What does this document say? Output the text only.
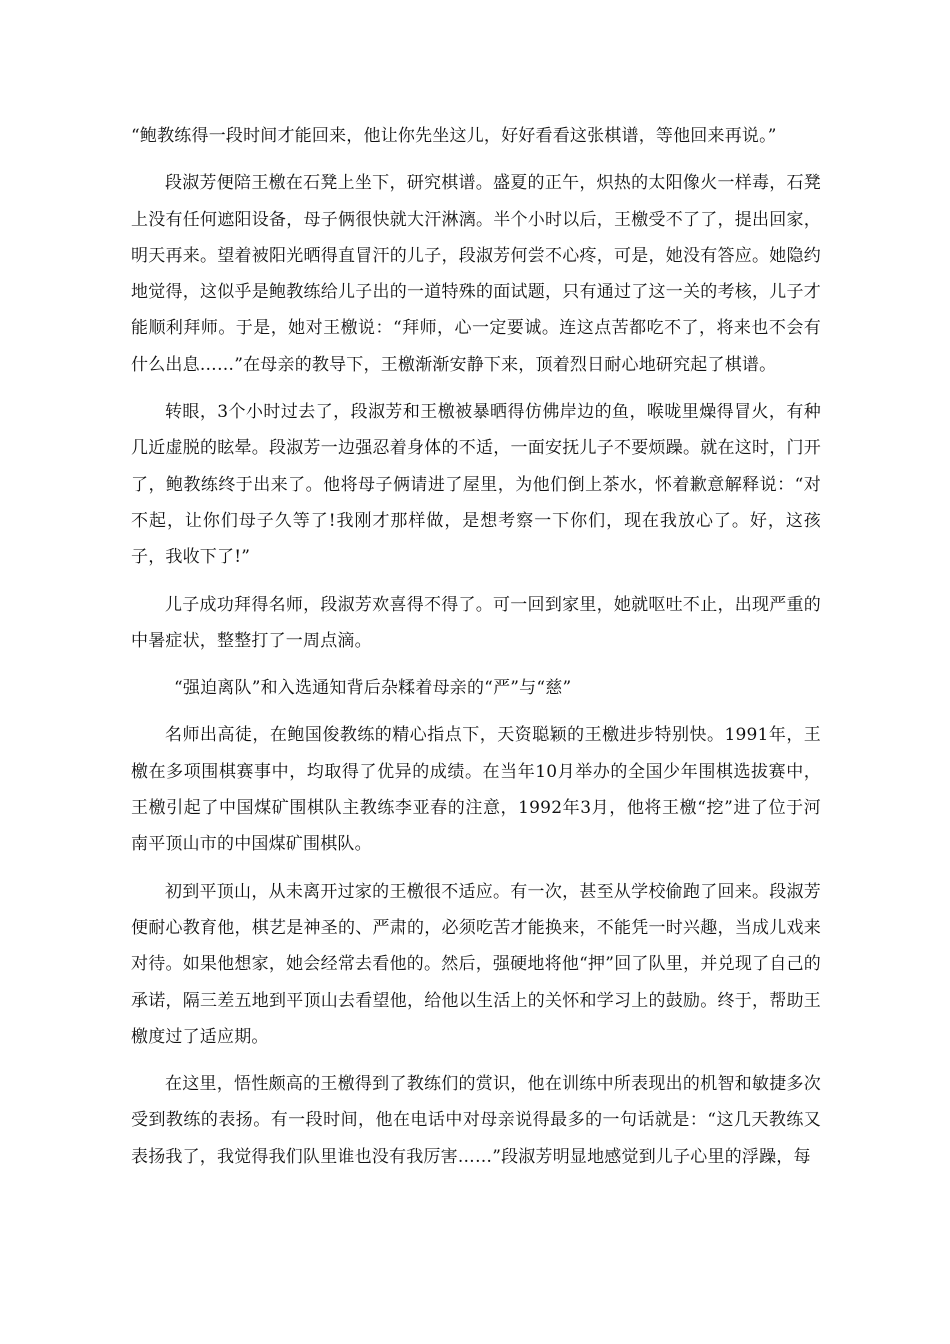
“鲍教练得一段时间才能回来，他让你先坐这儿，好好看看这张棋谱，等他回来再说。”

段淑芳便陪王檄在石凳上坐下，研究棋谱。盛夏的正午，炽热的太阳像火一样毒，石凳上没有任何遮阳设备，母子俩很快就大汗淋漓。半个小时以后，王檄受不了了，提出回家，明天再来。望着被阳光晒得直冒汗的儿子，段淑芳何尝不心疼，可是，她没有答应。她隐约地觉得，这似乎是鲍教练给儿子出的一道特殊的面试题，只有通过了这一关的考核，儿子才能顺利拜师。于是，她对王檄说：“拜师，心一定要诚。连这点苦都吃不了，将来也不会有什么出息……”在母亲的教导下，王檄渐渐安静下来，顶着烈日耐心地研究起了棋谱。

转眼，3个小时过去了，段淑芳和王檄被暴晒得仿佛岸边的鱼，喉咙里燥得冒火，有种几近虚脱的眩晕。段淑芳一边强忍着身体的不适，一面安抚儿子不要烦躁。就在这时，门开了，鲍教练终于出来了。他将母子俩请进了屋里，为他们倒上茶水，怀着歉意解释说：“对不起，让你们母子久等了!我刚才那样做，是想考察一下你们，现在我放心了。好，这孩子，我收下了!”

儿子成功拜得名师，段淑芳欢喜得不得了。可一回到家里，她就呕吐不止，出现严重的中暑症状，整整打了一周点滴。

“强迫离队”和入选通知背后杂糅着母亲的“严”与“慈”

名师出高徒，在鲍国俊教练的精心指点下，天资聪颖的王檄进步特别快。1991年，王檄在多项围棋赛事中，均取得了优异的成绩。在当年10月举办的全国少年围棋选拔赛中，王檄引起了中国煤矿围棋队主教练李亚春的注意，1992年3月，他将王檄“挖”进了位于河南平顶山市的中国煤矿围棋队。

初到平顶山，从未离开过家的王檄很不适应。有一次，甚至从学校偷跑了回来。段淑芳便耐心教育他，棋艺是神圣的、严肃的，必须吃苦才能换来，不能凭一时兴趣，当成儿戏来对待。如果他想家，她会经常去看他的。然后，强硬地将他“押”回了队里，并兑现了自己的承诺，隔三差五地到平顶山去看望他，给他以生活上的关怀和学习上的鼓励。终于，帮助王檄度过了适应期。

在这里，悟性颇高的王檄得到了教练们的赏识，他在训练中所表现出的机智和敏捷多次受到教练的表扬。有一段时间，他在电话中对母亲说得最多的一句话就是：“这几天教练又表扬我了，我觉得我们队里谁也没有我厉害……”段淑芳明显地感觉到儿子心里的浮躁，每
